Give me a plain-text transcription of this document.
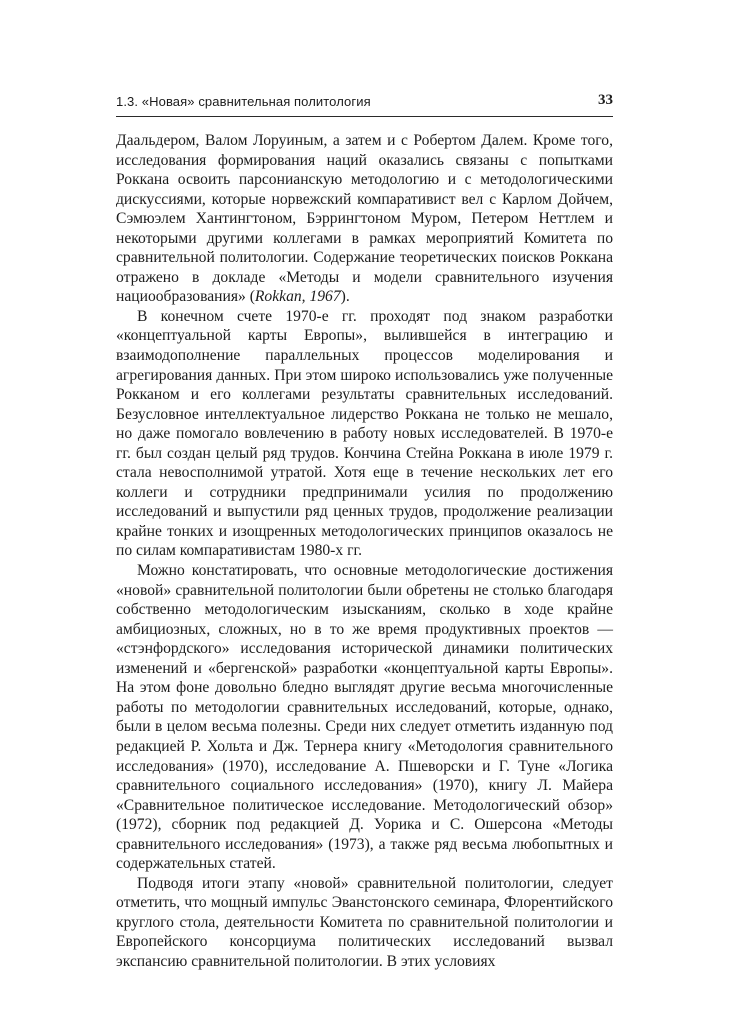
1.3. «Новая» сравнительная политология	33

Даальдером, Валом Лоруиным, а затем и с Робертом Далем. Кроме того, исследования формирования наций оказались связаны с попытками Роккана освоить парсонианскую методологию и с методологическими дискуссиями, которые норвежский компаративист вел с Карлом Дойчем, Сэмюэлем Хантингтоном, Бэррингтоном Муром, Петером Неттлем и некоторыми другими коллегами в рамках мероприятий Комитета по сравнительной политологии. Содержание теоретических поисков Роккана отражено в докладе «Методы и модели сравнительного изучения нациообразования» (Rokkan, 1967).

В конечном счете 1970-е гг. проходят под знаком разработки «концептуальной карты Европы», вылившейся в интеграцию и взаимодополнение параллельных процессов моделирования и агрегирования данных. При этом широко использовались уже полученные Рокканом и его коллегами результаты сравнительных исследований. Безусловное интеллектуальное лидерство Роккана не только не мешало, но даже помогало вовлечению в работу новых исследователей. В 1970-е гг. был создан целый ряд трудов. Кончина Стейна Роккана в июле 1979 г. стала невосполнимой утратой. Хотя еще в течение нескольких лет его коллеги и сотрудники предпринимали усилия по продолжению исследований и выпустили ряд ценных трудов, продолжение реализации крайне тонких и изощренных методологических принципов оказалось не по силам компаративистам 1980-х гг.

Можно констатировать, что основные методологические достижения «новой» сравнительной политологии были обретены не столько благодаря собственно методологическим изысканиям, сколько в ходе крайне амбициозных, сложных, но в то же время продуктивных проектов — «стэнфордского» исследования исторической динамики политических изменений и «бергенской» разработки «концептуальной карты Европы». На этом фоне довольно бледно выглядят другие весьма многочисленные работы по методологии сравнительных исследований, которые, однако, были в целом весьма полезны. Среди них следует отметить изданную под редакцией Р. Хольта и Дж. Тернера книгу «Методология сравнительного исследования» (1970), исследование А. Пшеворски и Г. Туне «Логика сравнительного социального исследования» (1970), книгу Л. Майера «Сравнительное политическое исследование. Методологический обзор» (1972), сборник под редакцией Д. Уорика и С. Ошерсона «Методы сравнительного исследования» (1973), а также ряд весьма любопытных и содержательных статей.

Подводя итоги этапу «новой» сравнительной политологии, следует отметить, что мощный импульс Эванстонского семинара, Флорентийского круглого стола, деятельности Комитета по сравнительной политологии и Европейского консорциума политических исследований вызвал экспансию сравнительной политологии. В этих условиях
